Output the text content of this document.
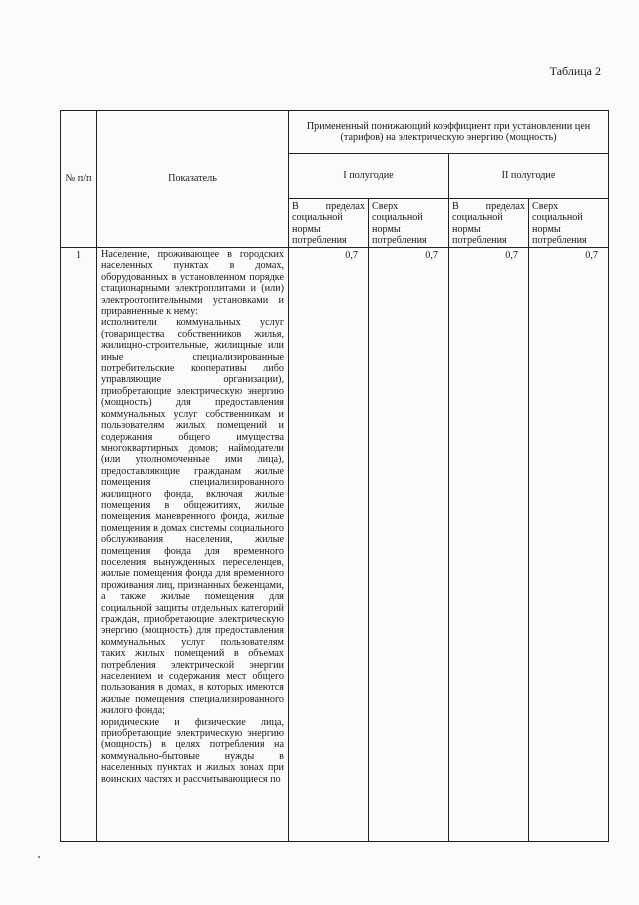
Таблица 2
№ п/п	Показатель	Примененный понижающий коэффициент при установлении цен (тарифов) на электрическую энергию (мощность)			
		I полугодие		II полугодие	
		В пределах социальной нормы потребления	Сверх социальной нормы потребления	В пределах социальной нормы потребления	Сверх социальной нормы потребления
1	Население, проживающее в городских населенных пунктах в домах, оборудованных в установленном порядке стационарными электроплитами и (или) электроотопительными установками и приравненные к нему:

исполнители коммунальных услуг (товарищества собственников жилья, жилищно-строительные, жилищные или иные специализированные потребительские кооперативы либо управляющие организации), приобретающие электрическую энергию (мощность) для предоставления коммунальных услуг собственникам и пользователям жилых помещений и содержания общего имущества многоквартирных домов; наймодатели (или уполномоченные ими лица), предоставляющие гражданам жилые помещения специализированного жилищного фонда, включая жилые помещения в общежитиях, жилые помещения маневренного фонда, жилые помещения в домах системы социального обслуживания населения, жилые помещения фонда для временного поселения вынужденных переселенцев, жилые помещения фонда для временного проживания лиц, признанных беженцами, а также жилые помещения для социальной защиты отдельных категорий граждан, приобретающие электрическую энергию (мощность) для предоставления коммунальных услуг пользователям таких жилых помещений в объемах потребления электрической энергии населением и содержания мест общего пользования в домах, в которых имеются жилые помещения специализированного жилого фонда;

юридические и физические лица, приобретающие электрическую энергию (мощность) в целях потребления на коммунально-бытовые нужды в населенных пунктах и жилых зонах при воинских частях и рассчитывающиеся по	0,7	0,7	0,7	0,7
